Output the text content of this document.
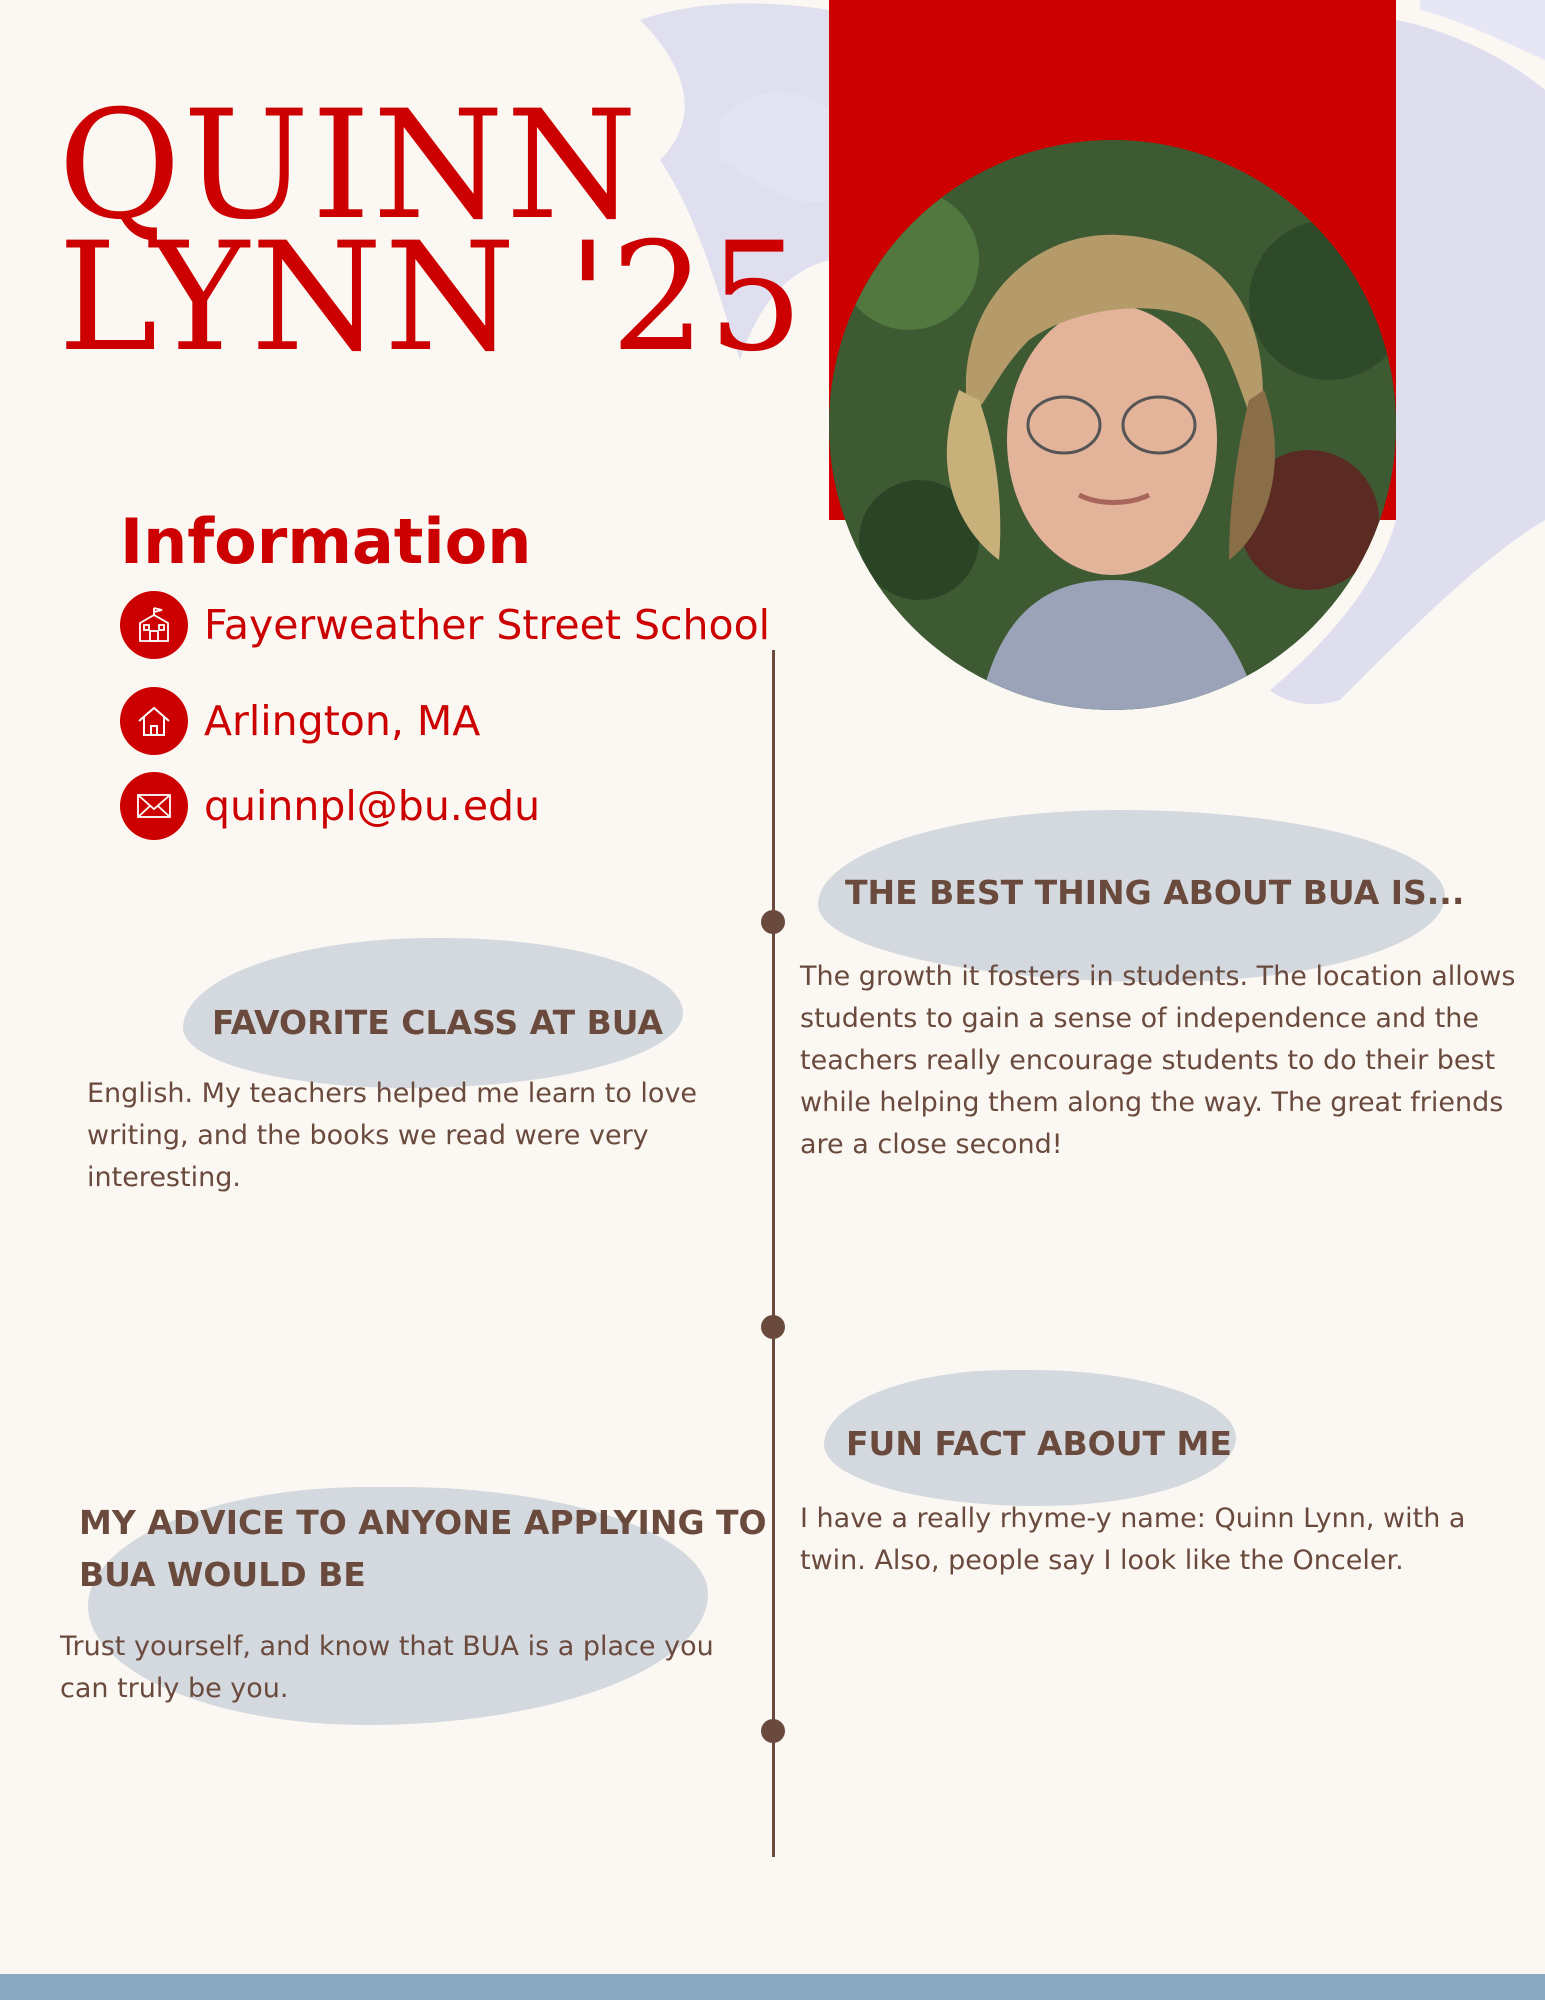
QUINN
LYNN '25
Information
Fayerweather Street School
Arlington, MA
quinnpl@bu.edu
THE BEST THING ABOUT BUA IS...

The growth it fosters in students. The location allows

students to gain a sense of independence and the

teachers really encourage students to do their best

while helping them along the way. The great friends

are a close second!

FAVORITE CLASS AT BUA

English. My teachers helped me learn to love

writing, and the books we read were very

interesting.

FUN FACT ABOUT ME

I have a really rhyme-y name: Quinn Lynn, with a

twin. Also, people say I look like the Onceler.

MY ADVICE TO ANYONE APPLYING TO
BUA WOULD BE

Trust yourself, and know that BUA is a place you

can truly be you.
